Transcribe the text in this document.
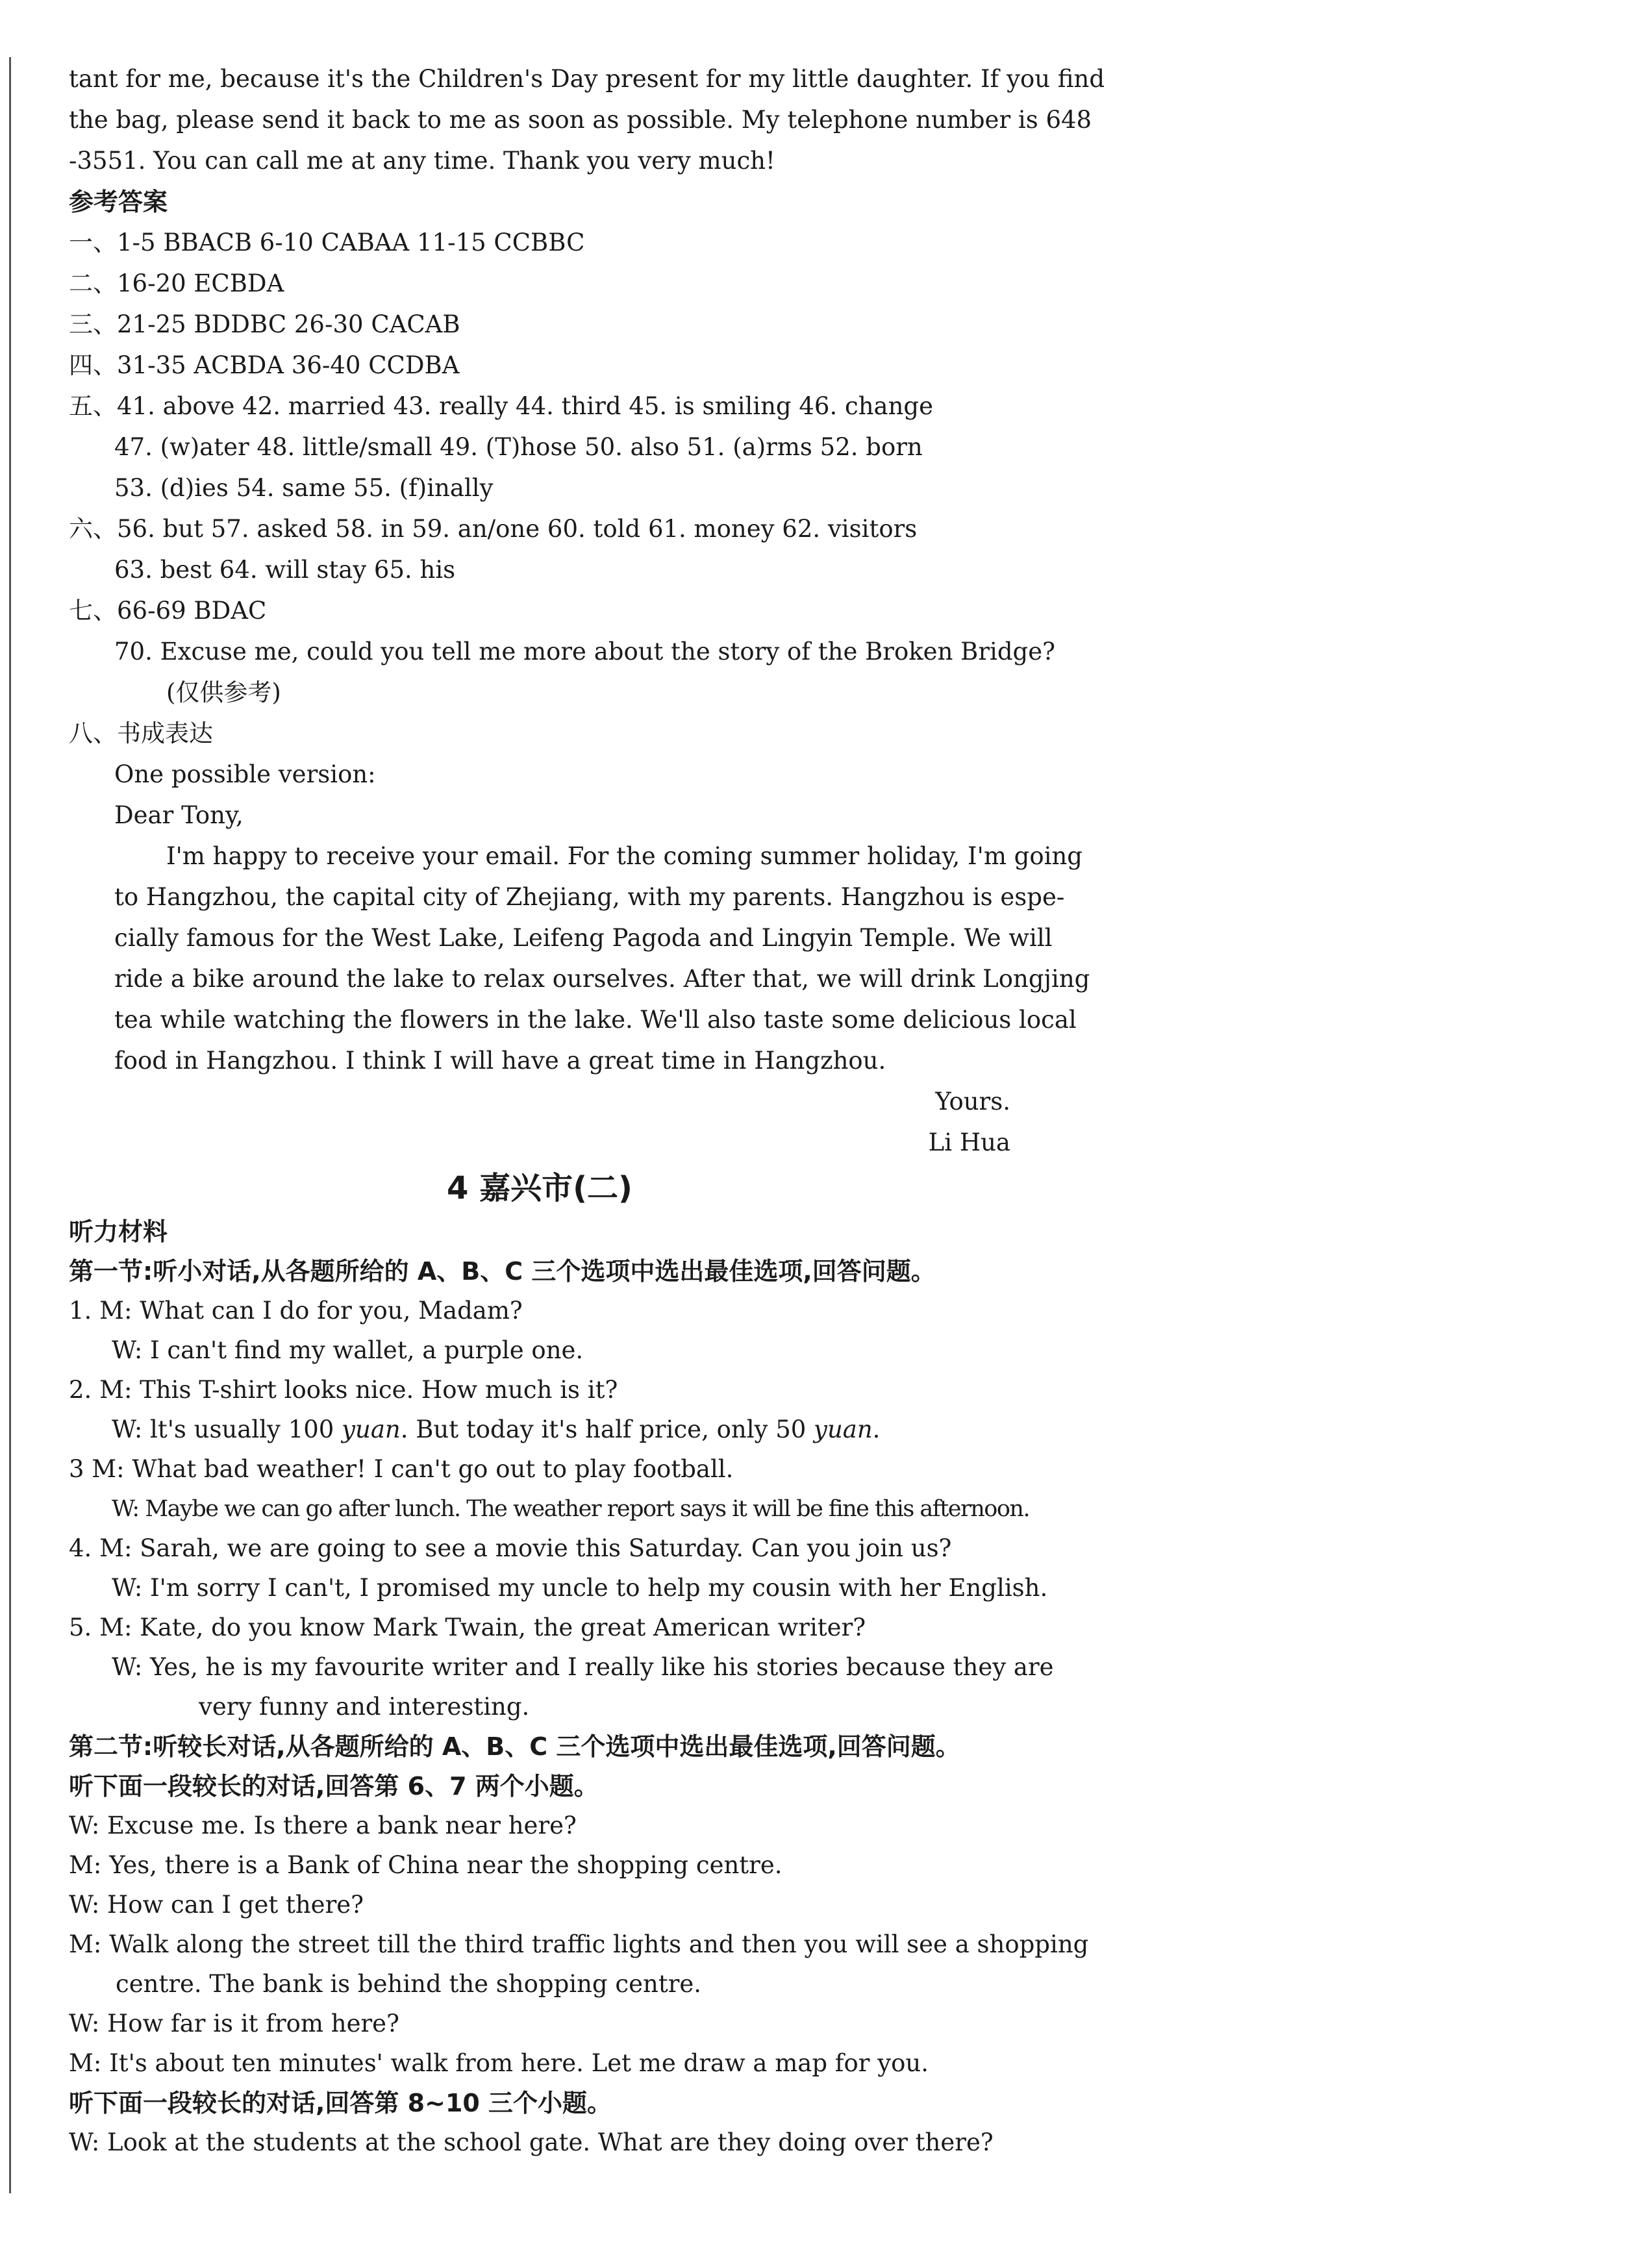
tant for me, because it's the Children's Day present for my little daughter. If you find
the bag, please send it back to me as soon as possible. My telephone number is 648
-3551. You can call me at any time. Thank you very much!
参考答案
一、1-5 BBACB 6-10 CABAA 11-15 CCBBC
二、16-20 ECBDA
三、21-25 BDDBC 26-30 CACAB
四、31-35 ACBDA 36-40 CCDBA
五、41. above 42. married 43. really 44. third 45. is smiling 46. change
47. (w)ater 48. little/small 49. (T)hose 50. also 51. (a)rms 52. born
53. (d)ies 54. same 55. (f)inally
六、56. but 57. asked 58. in 59. an/one 60. told 61. money 62. visitors
63. best 64. will stay 65. his
七、66-69 BDAC
70. Excuse me, could you tell me more about the story of the Broken Bridge?
(仅供参考)
八、书成表达
One possible version:
Dear Tony,
I'm happy to receive your email. For the coming summer holiday, I'm going
to Hangzhou, the capital city of Zhejiang, with my parents. Hangzhou is espe-
cially famous for the West Lake, Leifeng Pagoda and Lingyin Temple. We will
ride a bike around the lake to relax ourselves. After that, we will drink Longjing
tea while watching the flowers in the lake. We'll also taste some delicious local
food in Hangzhou. I think I will have a great time in Hangzhou.
Yours.
Li Hua
4 嘉兴市(二)
听力材料
第一节:听小对话,从各题所给的 A、B、C 三个选项中选出最佳选项,回答问题。
1. M: What can I do for you, Madam?
W: I can't find my wallet, a purple one.
2. M: This T-shirt looks nice. How much is it?
W: lt's usually 100 yuan. But today it's half price, only 50 yuan.
3 M: What bad weather! I can't go out to play football.
W: Maybe we can go after lunch. The weather report says it will be fine this afternoon.
4. M: Sarah, we are going to see a movie this Saturday. Can you join us?
W: I'm sorry I can't, I promised my uncle to help my cousin with her English.
5. M: Kate, do you know Mark Twain, the great American writer?
W: Yes, he is my favourite writer and I really like his stories because they are
very funny and interesting.
第二节:听较长对话,从各题所给的 A、B、C 三个选项中选出最佳选项,回答问题。
听下面一段较长的对话,回答第 6、7 两个小题。
W: Excuse me. Is there a bank near here?
M: Yes, there is a Bank of China near the shopping centre.
W: How can I get there?
M: Walk along the street till the third traffic lights and then you will see a shopping
centre. The bank is behind the shopping centre.
W: How far is it from here?
M: It's about ten minutes' walk from here. Let me draw a map for you.
听下面一段较长的对话,回答第 8~10 三个小题。
W: Look at the students at the school gate. What are they doing over there?
